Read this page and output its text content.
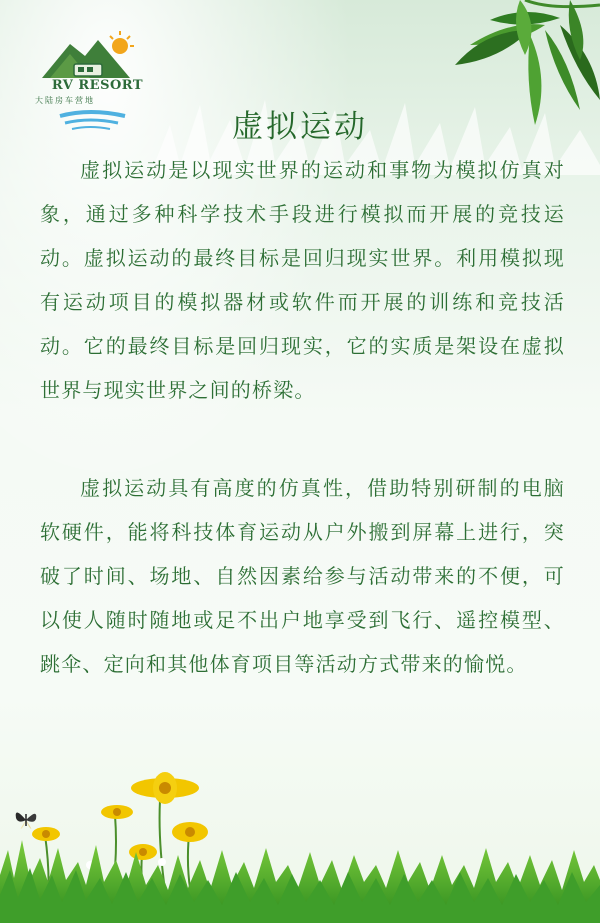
RV RESORT
大陆房车营地
虚拟运动

虚拟运动是以现实世界的运动和事物为模拟仿真对象，通过多种科学技术手段进行模拟而开展的竞技运动。虚拟运动的最终目标是回归现实世界。利用模拟现有运动项目的模拟器材或软件而开展的训练和竞技活动。它的最终目标是回归现实，它的实质是架设在虚拟世界与现实世界之间的桥梁。

虚拟运动具有高度的仿真性，借助特别研制的电脑软硬件，能将科技体育运动从户外搬到屏幕上进行，突破了时间、场地、自然因素给参与活动带来的不便，可以使人随时随地或足不出户地享受到飞行、遥控模型、跳伞、定向和其他体育项目等活动方式带来的愉悦。
